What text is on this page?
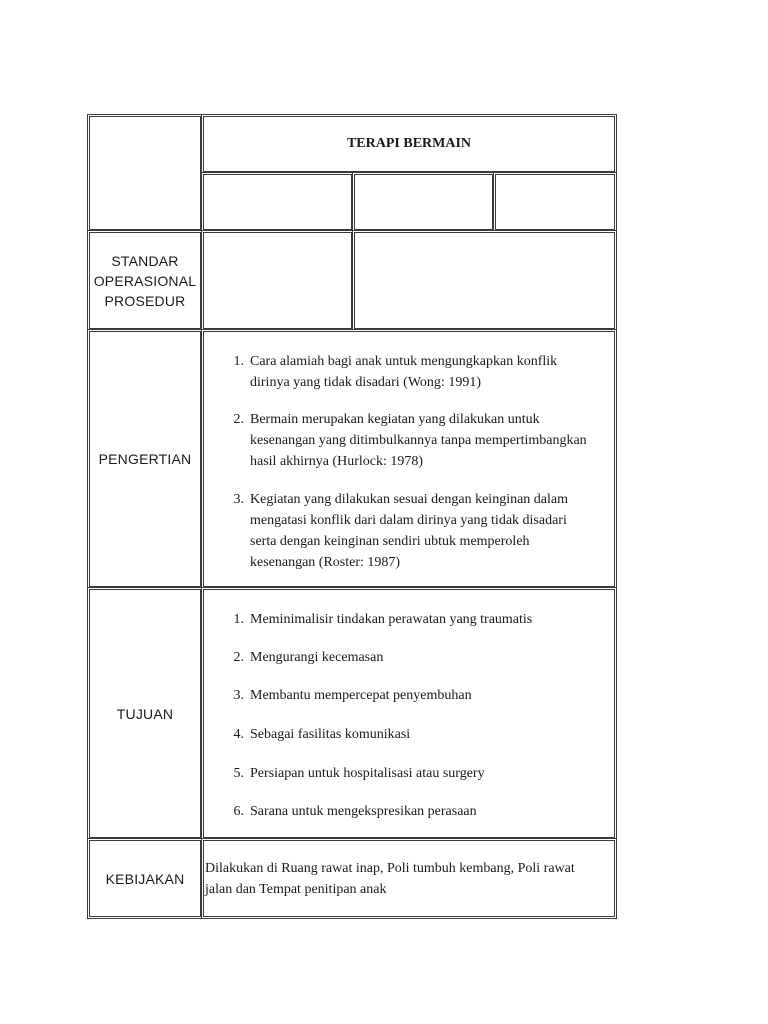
TERAPI BERMAIN
STANDAR OPERASIONAL PROSEDUR
PENGERTIAN
1. Cara alamiah bagi anak untuk mengungkapkan konflik
dirinya yang tidak disadari (Wong: 1991)
2. Bermain merupakan kegiatan yang dilakukan untuk
kesenangan yang ditimbulkannya tanpa mempertimbangkan
hasil akhirnya (Hurlock: 1978)
3. Kegiatan yang dilakukan sesuai dengan keinginan dalam
mengatasi konflik dari dalam dirinya yang tidak disadari
serta dengan keinginan sendiri ubtuk memperoleh
kesenangan (Roster: 1987)
TUJUAN
1. Meminimalisir tindakan perawatan yang traumatis
2. Mengurangi kecemasan
3. Membantu mempercepat penyembuhan
4. Sebagai fasilitas komunikasi
5. Persiapan untuk hospitalisasi atau surgery
6. Sarana untuk mengekspresikan perasaan
KEBIJAKAN
Dilakukan di Ruang rawat inap, Poli tumbuh kembang, Poli rawat
jalan dan Tempat penitipan anak
